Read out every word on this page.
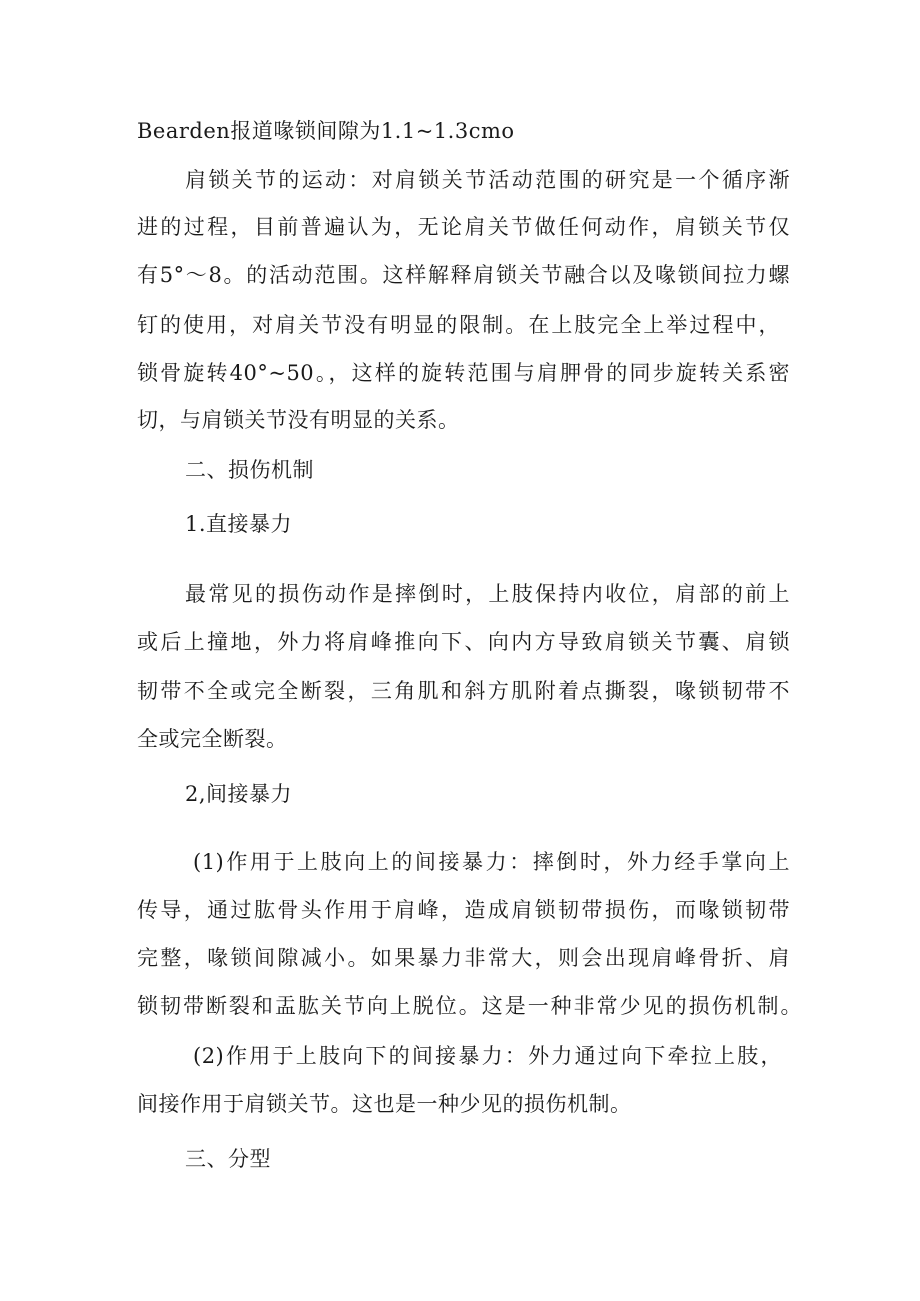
Bearden报道喙锁间隙为1.1~1.3cmo
肩锁关节的运动：对肩锁关节活动范围的研究是一个循序渐
进的过程，目前普遍认为，无论肩关节做任何动作，肩锁关节仅
有5°～8。的活动范围。这样解释肩锁关节融合以及喙锁间拉力螺
钉的使用，对肩关节没有明显的限制。在上肢完全上举过程中，
锁骨旋转40°~50。，这样的旋转范围与肩胛骨的同步旋转关系密
切，与肩锁关节没有明显的关系。
二、损伤机制
1.直接暴力
最常见的损伤动作是摔倒时，上肢保持内收位，肩部的前上
或后上撞地，外力将肩峰推向下、向内方导致肩锁关节囊、肩锁
韧带不全或完全断裂，三角肌和斜方肌附着点撕裂，喙锁韧带不
全或完全断裂。
2,间接暴力
(1)作用于上肢向上的间接暴力：摔倒时，外力经手掌向上
传导，通过肱骨头作用于肩峰，造成肩锁韧带损伤，而喙锁韧带
完整，喙锁间隙减小。如果暴力非常大，则会出现肩峰骨折、肩
锁韧带断裂和盂肱关节向上脱位。这是一种非常少见的损伤机制。
(2)作用于上肢向下的间接暴力：外力通过向下牵拉上肢，
间接作用于肩锁关节。这也是一种少见的损伤机制。
三、分型
